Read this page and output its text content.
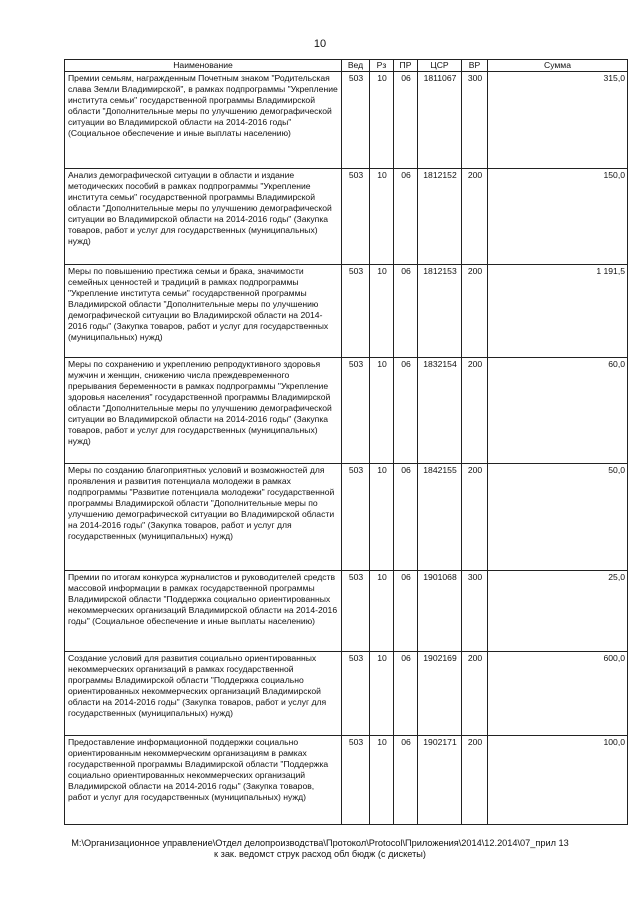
10
Наименование	Вед	Рз	ПР	ЦСР	ВР	Сумма
Премии семьям, награжденным Почетным знаком "Родительская слава Земли Владимирской", в рамках подпрограммы "Укрепление института семьи" государственной программы Владимирской области "Дополнительные меры по улучшению демографической ситуации во Владимирской области на 2014-2016 годы" (Социальное обеспечение и иные выплаты населению)	503	10	06	1811067	300	315,0
Анализ демографической ситуации в области и издание методических пособий в рамках подпрограммы "Укрепление института семьи" государственной программы Владимирской области "Дополнительные меры по улучшению демографической ситуации во Владимирской области на 2014-2016 годы" (Закупка товаров, работ и услуг для государственных (муниципальных) нужд)	503	10	06	1812152	200	150,0
Меры по повышению престижа семьи и брака, значимости семейных ценностей и традиций в рамках подпрограммы "Укрепление института семьи" государственной программы Владимирской области "Дополнительные меры по улучшению демографической ситуации во Владимирской области на 2014-2016 годы" (Закупка товаров, работ и услуг для государственных (муниципальных) нужд)	503	10	06	1812153	200	1 191,5
Меры по сохранению и укреплению репродуктивного здоровья мужчин и женщин, снижению числа преждевременного прерывания беременности в рамках подпрограммы "Укрепление здоровья населения" государственной программы Владимирской области "Дополнительные меры по улучшению демографической ситуации во Владимирской области на 2014-2016 годы" (Закупка товаров, работ и услуг для государственных (муниципальных) нужд)	503	10	06	1832154	200	60,0
Меры по созданию благоприятных условий и возможностей для проявления и развития потенциала молодежи в рамках подпрограммы "Развитие потенциала молодежи" государственной программы Владимирской области "Дополнительные меры по улучшению демографической ситуации во Владимирской области на 2014-2016 годы" (Закупка товаров, работ и услуг для государственных (муниципальных) нужд)	503	10	06	1842155	200	50,0
Премии по итогам конкурса журналистов и руководителей средств массовой информации в рамках государственной программы Владимирской области "Поддержка социально ориентированных некоммерческих организаций Владимирской области на 2014-2016 годы" (Социальное обеспечение и иные выплаты населению)	503	10	06	1901068	300	25,0
Создание условий для развития социально ориентированных некоммерческих организаций в рамках государственной программы Владимирской области "Поддержка социально ориентированных некоммерческих организаций Владимирской области на 2014-2016 годы" (Закупка товаров, работ и услуг для государственных (муниципальных) нужд)	503	10	06	1902169	200	600,0
Предоставление информационной поддержки социально ориентированным некоммерческим организациям в рамках государственной программы Владимирской области "Поддержка социально ориентированных некоммерческих организаций Владимирской области на 2014-2016 годы" (Закупка товаров, работ и услуг для государственных (муниципальных) нужд)	503	10	06	1902171	200	100,0
M:\Организационное управление\Отдел делопроизводства\Протокол\Protocol\Приложения\2014\12.2014\07_прил 13
к зак. ведомст струк расход обл бюдж (с дискеты)
